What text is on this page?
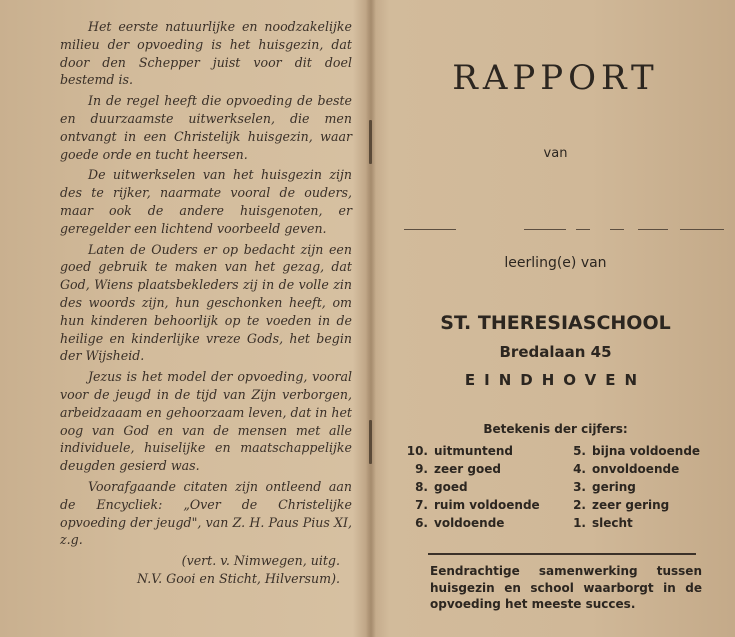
Het eerste natuurlijke en noodzakelijke milieu der opvoeding is het huisgezin, dat door den Schepper juist voor dit doel bestemd is.

In de regel heeft die opvoeding de beste en duurzaamste uitwerkselen, die men ontvangt in een Christelijk huisgezin, waar goede orde en tucht heersen.

De uitwerkselen van het huisgezin zijn des te rijker, naarmate vooral de ouders, maar ook de andere huisgenoten, er geregelder een lichtend voorbeeld geven.

Laten de Ouders er op bedacht zijn een goed gebruik te maken van het gezag, dat God, Wiens plaatsbekleders zij in de volle zin des woords zijn, hun geschonken heeft, om hun kinderen behoorlijk op te voeden in de heilige en kinderlijke vreze Gods, het begin der Wijsheid.

Jezus is het model der opvoeding, vooral voor de jeugd in de tijd van Zijn verborgen, arbeidzaaam en gehoorzaam leven, dat in het oog van God en van de mensen met alle individuele, huiselijke en maatschappelijke deugden gesierd was.

Voorafgaande citaten zijn ontleend aan de Encycliek: „Over de Christelijke opvoeding der jeugd", van Z. H. Paus Pius XI, z.g.

(vert. v. Nimwegen, uitg.
N.V. Gooi en Sticht, Hilversum).
RAPPORT
van
leerling(e) van
ST. THERESIASCHOOL
Bredalaan 45
EINDHOVEN
Betekenis der cijfers:
10. uitmuntend
9. zeer goed
8. goed
7. ruim voldoende
6. voldoende
5. bijna voldoende
4. onvoldoende
3. gering
2. zeer gering
1. slecht
Eendrachtige samenwerking tussen huisgezin en school waarborgt in de opvoeding het meeste succes.
